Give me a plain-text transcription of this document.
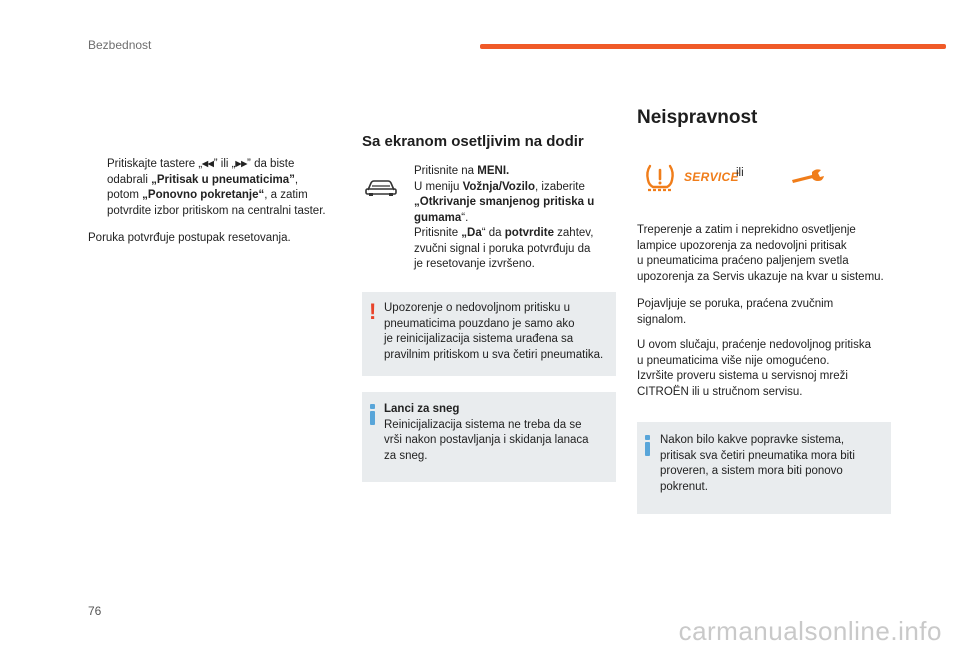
Bezbednost
Pritiskajte tastere „◂◂” ili „▸▸” da biste
odabrali „Pritisak u pneumaticima”,
potom „Ponovno pokretanje“, a zatim
potvrdite izbor pritiskom na centralni taster.
Poruka potvrđuje postupak resetovanja.
Sa ekranom osetljivim na dodir
Pritisnite na MENI.
U meniju Vožnja/Vozilo, izaberite
„Otkrivanje smanjenog pritiska u
gumama“.
Pritisnite „Da“ da potvrdite zahtev,
zvučni signal i poruka potvrđuju da
je resetovanje izvršeno.
! Upozorenje o nedovoljnom pritisku u
pneumaticima pouzdano je samo ako
je reinicijalizacija sistema urađena sa
pravilnim pritiskom u sva četiri pneumatika.
Lanci za sneg
Reinicijalizacija sistema ne treba da se
vrši nakon postavljanja i skidanja lanaca
za sneg.
Neispravnost
SERVICE
ili
Treperenje a zatim i neprekidno osvetljenje
lampice upozorenja za nedovoljni pritisak
u pneumaticima praćeno paljenjem svetla
upozorenja za Servis ukazuje na kvar u sistemu.
Pojavljuje se poruka, praćena zvučnim
signalom.
U ovom slučaju, praćenje nedovoljnog pritiska
u pneumaticima više nije omogućeno.
Izvršite proveru sistema u servisnoj mreži
CITROËN ili u stručnom servisu.
Nakon bilo kakve popravke sistema,
pritisak sva četiri pneumatika mora biti
proveren, a sistem mora biti ponovo
pokrenut.
76
carmanualsonline.info
